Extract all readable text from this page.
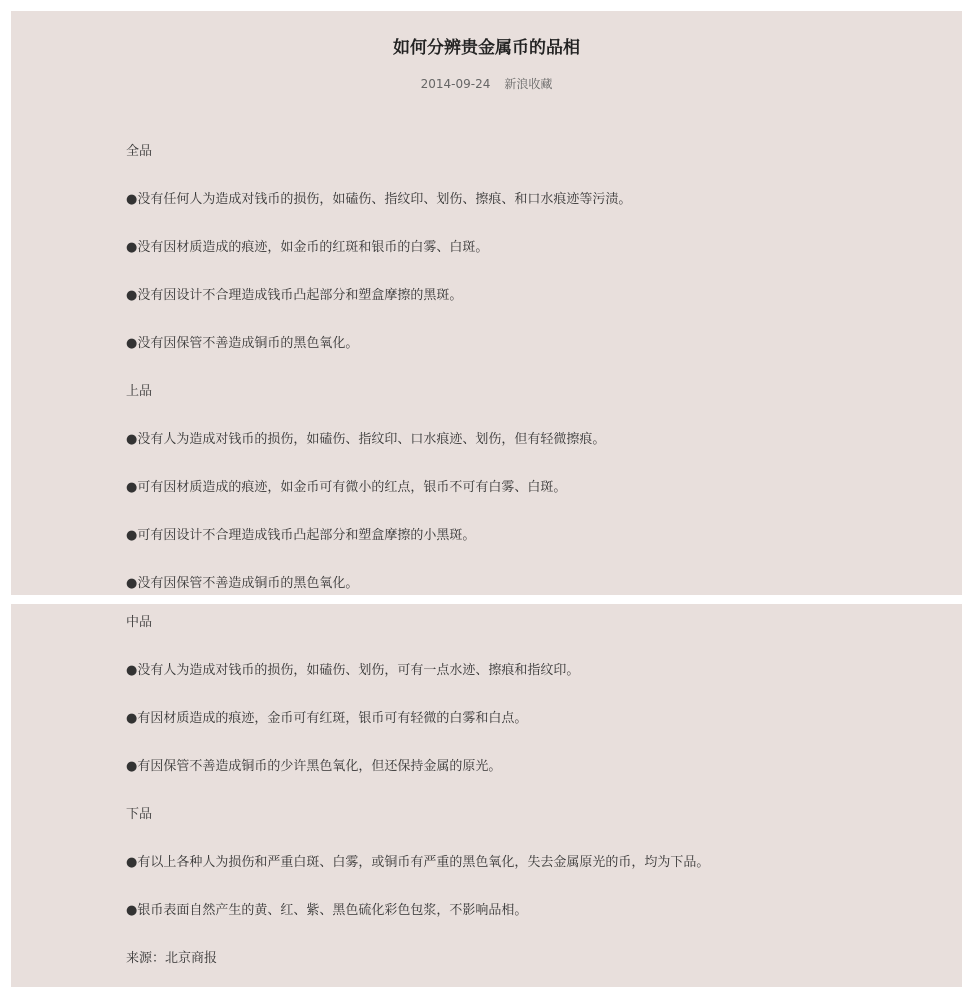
如何分辨贵金属币的品相
2014-09-24 新浪收藏
全品
●没有任何人为造成对钱币的损伤，如磕伤、指纹印、划伤、擦痕、和口水痕迹等污渍。
●没有因材质造成的痕迹，如金币的红斑和银币的白雾、白斑。
●没有因设计不合理造成钱币凸起部分和塑盒摩擦的黑斑。
●没有因保管不善造成铜币的黑色氧化。
上品
●没有人为造成对钱币的损伤，如磕伤、指纹印、口水痕迹、划伤，但有轻微擦痕。
●可有因材质造成的痕迹，如金币可有微小的红点，银币不可有白雾、白斑。
●可有因设计不合理造成钱币凸起部分和塑盒摩擦的小黑斑。
●没有因保管不善造成铜币的黑色氧化。
中品
●没有人为造成对钱币的损伤，如磕伤、划伤，可有一点水迹、擦痕和指纹印。
●有因材质造成的痕迹，金币可有红斑，银币可有轻微的白雾和白点。
●有因保管不善造成铜币的少许黑色氧化，但还保持金属的原光。
下品
●有以上各种人为损伤和严重白斑、白雾，或铜币有严重的黑色氧化，失去金属原光的币，均为下品。
●银币表面自然产生的黄、红、紫、黑色硫化彩色包浆，不影响品相。
来源：北京商报
